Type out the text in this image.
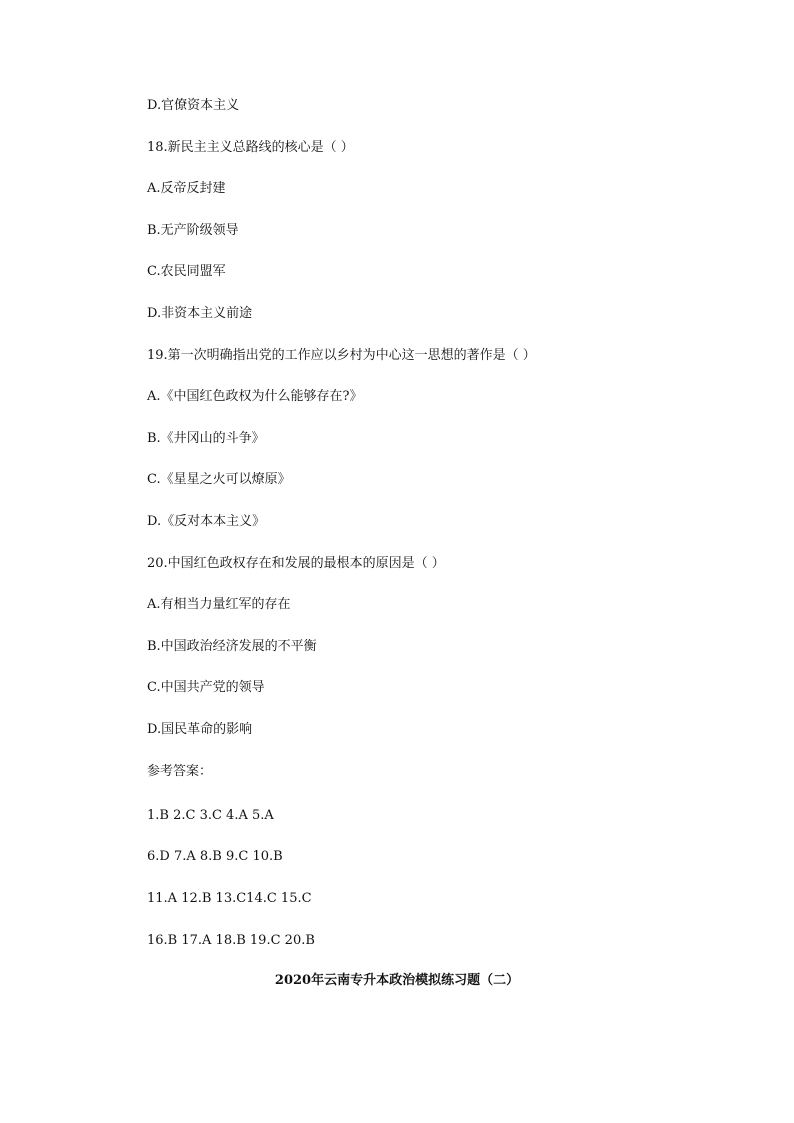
D.官僚资本主义
18.新民主主义总路线的核心是（ ）
A.反帝反封建
B.无产阶级领导
C.农民同盟军
D.非资本主义前途
19.第一次明确指出党的工作应以乡村为中心这一思想的著作是（ ）
A.《中国红色政权为什么能够存在?》
B.《井冈山的斗争》
C.《星星之火可以燎原》
D.《反对本本主义》
20.中国红色政权存在和发展的最根本的原因是（ ）
A.有相当力量红军的存在
B.中国政治经济发展的不平衡
C.中国共产党的领导
D.国民革命的影响
参考答案：
1.B 2.C 3.C 4.A 5.A
6.D 7.A 8.B 9.C 10.B
11.A 12.B 13.C14.C 15.C
16.B 17.A 18.B 19.C 20.B
2020年云南专升本政治模拟练习题（二）
